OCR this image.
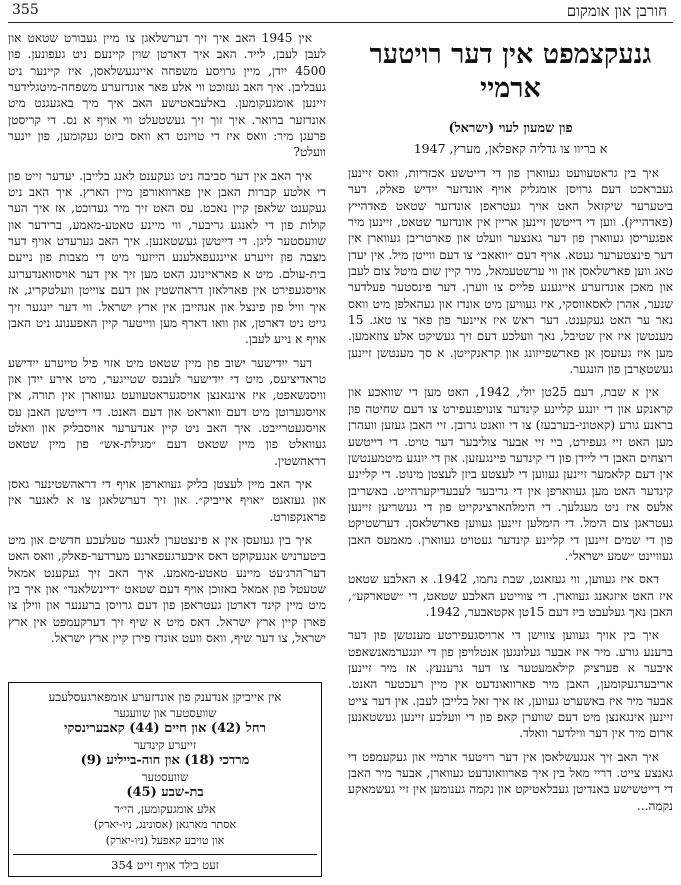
355	חורבן און אומקום
גנעקצמפט אין דער רויטער ארמיי
פון שמעון לעוי (ישראל)
א בריוו צו גדליה קאפלאן, מערץ, 1947

איך בין גראטעוועט געווארן פון די דייטשע אכזריות, וואס זיינען געבראכט דעם גרויסן אומגליק אויף אונדזער ייִדיש פאלק, דער ביטערער שיקזאל האט אויך געטראפן אונדזער שטאט פאדהייץ (פאדהייץ). ווען די דייטשן זיינען אריין אין אונדזער שטאט, זיינען מיר אפגעריסן געווארן פון דער גאנצער וועלט און פארטריבן געווארן אין דער פינצטערער געטא. אויף דעם ״וואאב״ צו דעם ווייטן מיל. אין יעדן טאג ווען פארשלאסן און ווי ערשטעמאל, מיר קיין שום מיטל צום לעבן און מאכן אונדזערע אייגענע פלייס צו ווערן. דער פינסטער פעלדער שנער, אהרן לאסאווסקי, איז געוויען מיט אונדז און געהאלפן מיט וואס נאר ער האט געקענט. דער ראש איז איינער פון פאר צו טאג. 15 מענטשן איז אין שטיבל, נאך וועלכע דעם זיך געשיקט אלע צוזאמען. מען איז געזעסן אן פארשפייזונג און קראנקייטן. א סך מענטשן זיינען געשטאָרבן פון הונגער.

אין א שבת, דעם 25טן יולי, 1942, האט מען די שוואכע און קראנקע און די יונגע קליינע קינדער צונויפגעפירט צו דעם שחיטה פון בראנע גורע (קאטוני-בערבעז) צו די וואנט גרובן. זיי האבן געזען וועהרן מען האט זיי געפירט, ביי זיי אבער צוליבער דער טויט. די דייטשע רוצחים האבן די ליידן פון די קינדער פיינגעזען. און די יונגע מיטמענטשן אין דעם קלאמער זיינען געווען די לעצטע ביזן לעצטן מינוט. די קליינע קינדער האט מען געווארפן אין די גריבער לעבעדיקערהייט. באשריבן אלעס איז ניט מעגלעך. די הימלהארציגקייט פון די געשריען זיינען געטראגן צום הימל. די הימלען זיינען געווען פארשלאסן. דערשטיקט פון די שמים זיינען די קליינע קינדער געטויט געווארן. מאמעס האבן געוויינט ״שמע ישראל״.

דאס איז געווען, ווי געזאגט, שבת נחמו, 1942. א האלבע שטאט איז האט איזגאנג געווארן. די צווייטע האלבע שטאט, די ״שטארקע״, האבן נאך געלעבט ביז דעם 15טן אקטאבער, 1942.

איך בין אויך געווען צווישן די ארויסגעפירטע מענטשן פון דער ברענע גורע. מיר איז אבער געלונגען אנטלויפן פון די יונגערמאנשאפט איבער א פערציק קילאמעטער צו דער גרענעץ. אז מיר זיינען אריבערגעקומען, האבן מיר פארוואונדעט אין מיין רעכטער האנט. אבער מיר איז באשערט געווען, אז איך זאל בלייבן לעבן. אין דער צייט זיינען אינגאנצן מיט דעם שווערן קאפ פון די וועלכע זיינען געשטאנען ארום מיר אין דער ווילדער וואלד.

איך האב זיך אנגעשלאסן אין דער רויטער ארמיי און געקעמפט די גאנצע צייט. דריי מאל בין איך פארוואונדעט געווארן, אבער מיר האבן די דייטשישע באנדיטן געבלאטיקט און נקמה גענומען אין זיי געשמאקע נקמה...

אין 1945 האב איך זיך דערשלאגן צו מיין געבורט שטאט און לעבן לעבן, לייד. האב איך דארטן שוין קיינעם ניט געפונען. פון 4500 ייִדן, מיין גרויסע משפחה איינגעשלאסן, איז קיינער ניט געבליבן. איך האב געזוכט ווי אלע פאר אונדזערע משפחה-מיטגלידער זיינען אומגעקומען. באלעבאטישע האב איך מיך באגעגנט מיט אונדזער ברואר. איך זוך זיך געשטעלט ווי אויף א נס. די קריסטן פרעגן מיר: וואס איז די טויזנט דא וואס ביזט געקומען, פון ייִנער וועלט?

איך האב אין דער סביבה ניט געקענט לאנג בלייבן. יעדער זייט פון די אלטע קברות האבן אין פארוואורפן מיין הארץ. איך האב ניט געקענט שלאפן קיין נאכט. עס האט זיך מיר געדוכט, אז איך הער קולות פון די לאנגע גריבער, ווי מיינע טאטע-מאמע, ברידער און שוועסטער ליגן. די דייטשן געשטאנען. איך האב גערעדט אויף דער מצבה פון זייערע איינגעפאלענע הייזער מיט די מצבות פון נייעם בית-עולם. מיט א פאראיינונג האט מען זיך אין דער אויסוואנדערונג אויסגעפירט אין פארלאזן דראהשטין און דעם צוייטן וועלטקריג, אז איך וויל פון פינצל און אנהייבן אין ארץ ישראל. ווי דער ייִנגער זיך גייט ניט דארטן, און וואו דארף מען ווייטער קיין האפענונג ניט האבן אויף א נייע לעבן.

דער ייִדישער ישוב פון מיין שטאט מיט אזוי פיל טייערע ייִדישע טראדיציעס, מיט די ייִדישער לעבנס שטייגער, מיט אירע ייִדן און וויסנשאפט, איז אינגאנצן אויסגעראטעוועט געווארן אין תורה, אין אויסגערוטן מיט דעם וואראט און דעם האנט. די דייטשן האבן עס אויסגעטרייבט. איך האב ניט קיין אנדערער אויסבליק און וואלט געוואלט פון מיין שטאט דעם ״מגילת-אש״ פון מיין שטאט דראהשטין.

איך האב מיין לעצטן בליק געווארפן אויף די דראהשטינער גאסן און געזאגט ״אויף אייביק״. און זיך דערשלאגן צו א לאגער אין פראנקפורט.

איך בין געזעסן אין א פינצטערן לאגער טעלעכע חדשים און מיט ביטערניש אנגעקוקט דאס איבערגעפארנע מערדער-פאלק, וואס האט דער־הרג׳עט מיינע טאטע-מאמע. איך האב זיך געקענט אמאל שטעטל פון אמאל באזוכן אויף דעם שטאט ״דיינשלאנד״ און איך בין מיט מיין קינד דארטן געטראפן פון דעם גרויסן ברענער און ווילן צו פארן קיין ארץ ישראל. דאס מיט א שיף זיך דערקעמפט אין ארץ ישראל, צו דער שיף, וואס וועט אונדז פירן קיין ארץ ישראל.

אין אייביקן אנדענק פון אונדזערע אומפארגעסלעכע
שוועסטער און שוועגער
רחל (42) און חיים (44) קאבערינסקי
זייערע קינדער
מרדכי (18) און חוה-בייליע (9)
שוועסטער
בת-שבע (45)
אלע אומגעקומען, הי״ד
אסתר מארגאן (אסונינג, ניו-יארק)
און טויבע קאפעל (ניו-יארק)
זעט בילד אויף זייט 354
